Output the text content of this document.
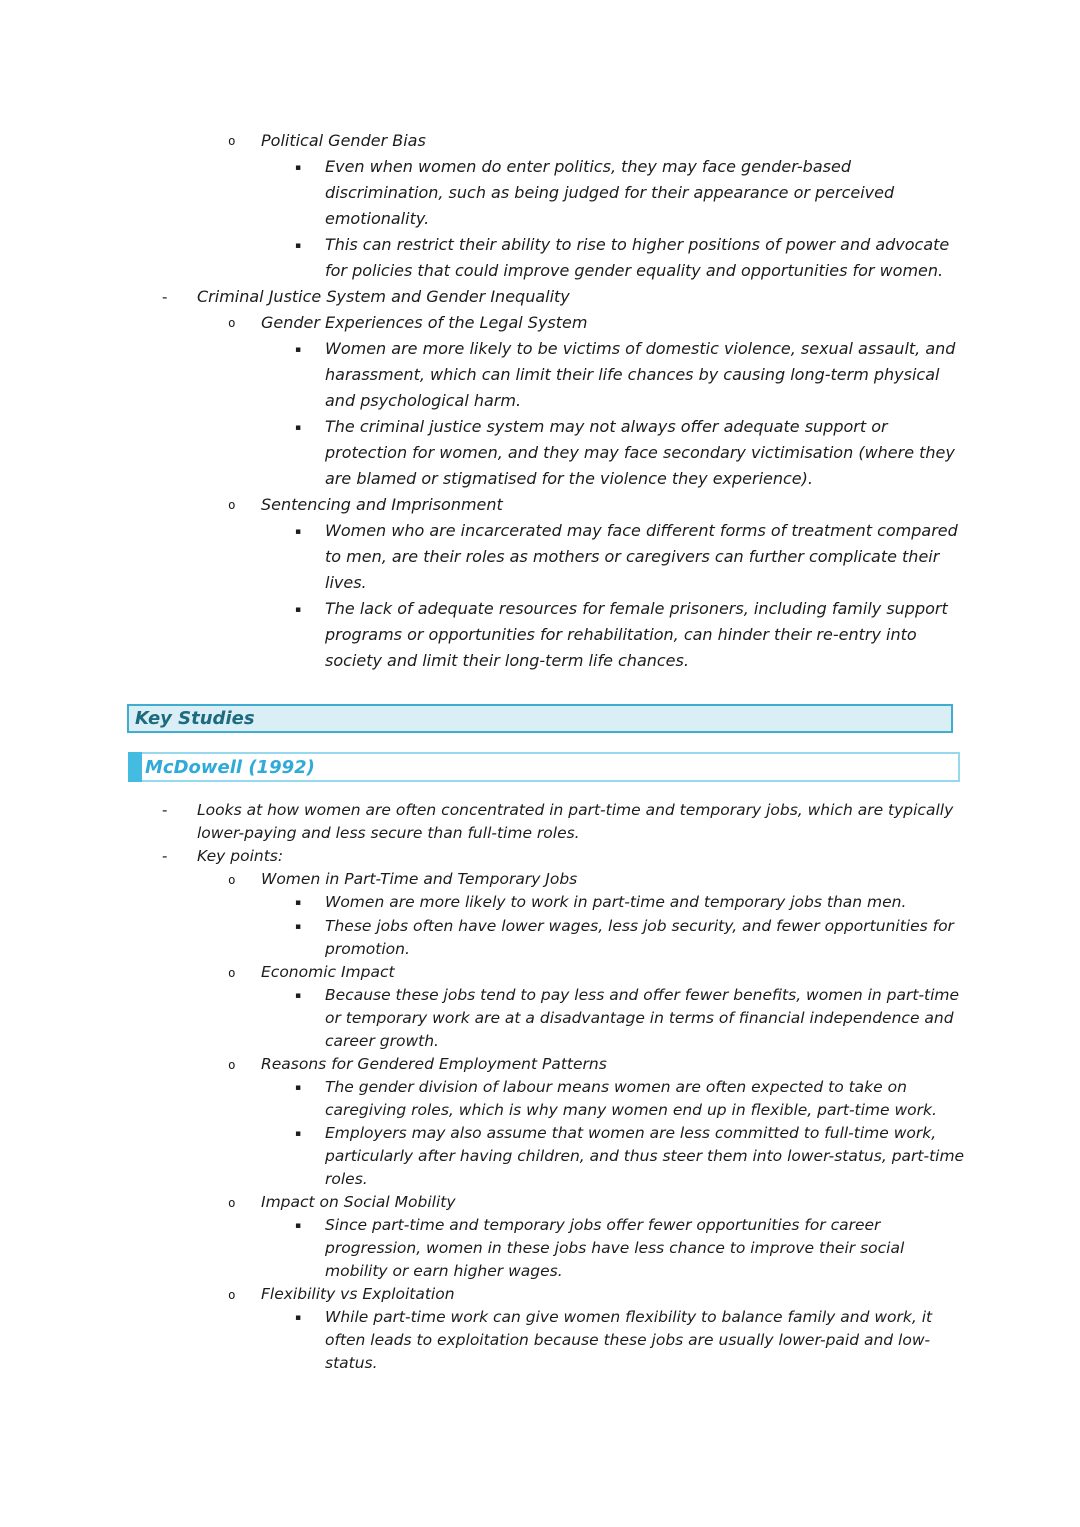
o	Political Gender Bias
▪	Even when women do enter politics, they may face gender-based discrimination, such as being judged for their appearance or perceived emotionality.
▪	This can restrict their ability to rise to higher positions of power and advocate for policies that could improve gender equality and opportunities for women.
-	Criminal Justice System and Gender Inequality
o	Gender Experiences of the Legal System
▪	Women are more likely to be victims of domestic violence, sexual assault, and harassment, which can limit their life chances by causing long-term physical and psychological harm.
▪	The criminal justice system may not always offer adequate support or protection for women, and they may face secondary victimisation (where they are blamed or stigmatised for the violence they experience).
o	Sentencing and Imprisonment
▪	Women who are incarcerated may face different forms of treatment compared to men, are their roles as mothers or caregivers can further complicate their lives.
▪	The lack of adequate resources for female prisoners, including family support programs or opportunities for rehabilitation, can hinder their re-entry into society and limit their long-term life chances.
Key Studies
McDowell (1992)
-	Looks at how women are often concentrated in part-time and temporary jobs, which are typically lower-paying and less secure than full-time roles.
-	Key points:
o	Women in Part-Time and Temporary Jobs
▪	Women are more likely to work in part-time and temporary jobs than men.
▪	These jobs often have lower wages, less job security, and fewer opportunities for promotion.
o	Economic Impact
▪	Because these jobs tend to pay less and offer fewer benefits, women in part-time or temporary work are at a disadvantage in terms of financial independence and career growth.
o	Reasons for Gendered Employment Patterns
▪	The gender division of labour means women are often expected to take on caregiving roles, which is why many women end up in flexible, part-time work.
▪	Employers may also assume that women are less committed to full-time work, particularly after having children, and thus steer them into lower-status, part-time roles.
o	Impact on Social Mobility
▪	Since part-time and temporary jobs offer fewer opportunities for career progression, women in these jobs have less chance to improve their social mobility or earn higher wages.
o	Flexibility vs Exploitation
▪	While part-time work can give women flexibility to balance family and work, it often leads to exploitation because these jobs are usually lower-paid and low-status.
